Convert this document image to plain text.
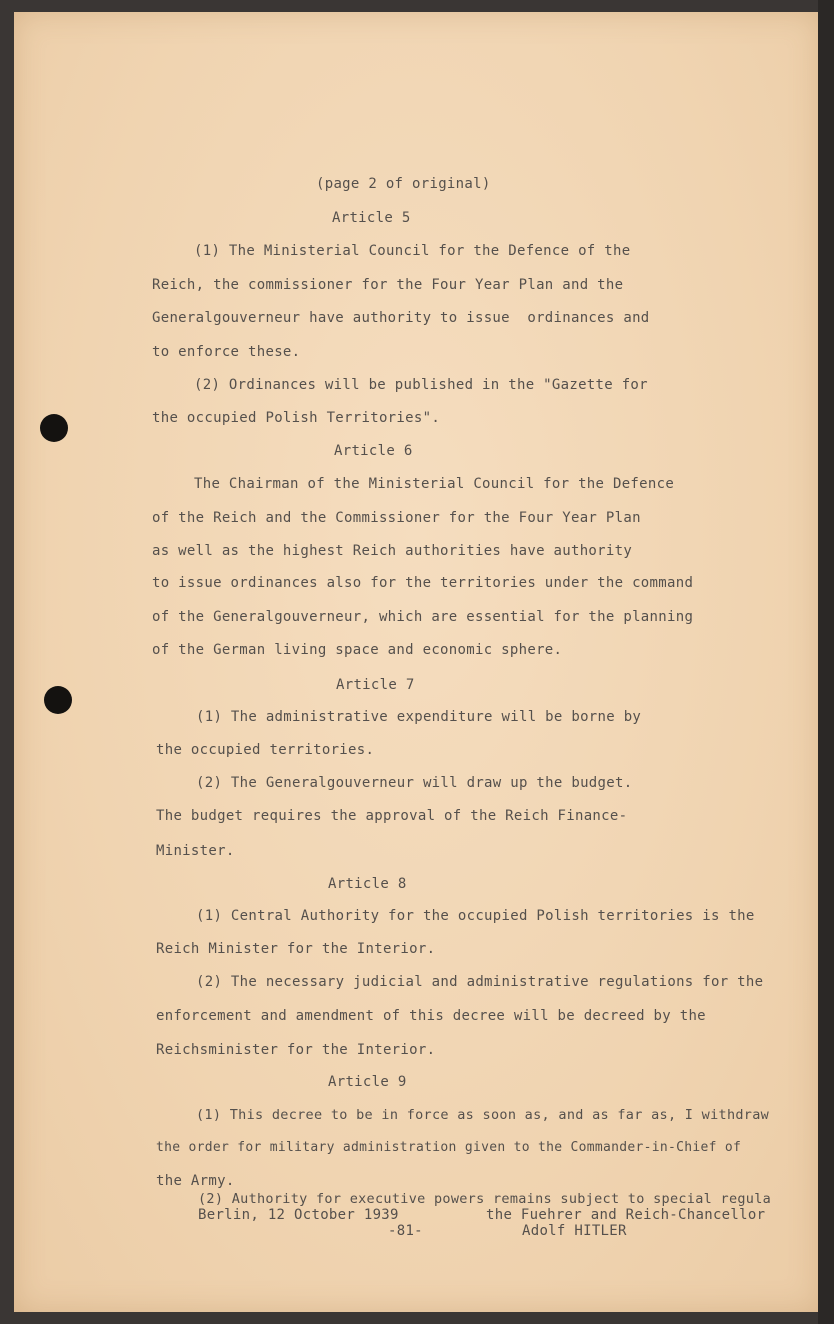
(page 2 of original)
Article 5
(1) The Ministerial Council for the Defence of the
Reich, the commissioner for the Four Year Plan and the
Generalgouverneur have authority to issue  ordinances and
to enforce these.
(2) Ordinances will be published in the "Gazette for
the occupied Polish Territories".
Article 6
The Chairman of the Ministerial Council for the Defence
of the Reich and the Commissioner for the Four Year Plan
as well as the highest Reich authorities have authority
to issue ordinances also for the territories under the command
of the Generalgouverneur, which are essential for the planning
of the German living space and economic sphere.
Article 7
(1) The administrative expenditure will be borne by
the occupied territories.
(2) The Generalgouverneur will draw up the budget.
The budget requires the approval of the Reich Finance-
Minister.
Article 8
(1) Central Authority for the occupied Polish territories is the
Reich Minister for the Interior.
(2) The necessary judicial and administrative regulations for the
enforcement and amendment of this decree will be decreed by the
Reichsminister for the Interior.
Article 9
(1) This decree to be in force as soon as, and as far as, I withdraw
the order for military administration given to the Commander-in-Chief of
the Army.
(2) Authority for executive powers remains subject to special regula
Berlin, 12 October 1939	the Fuehrer and Reich-Chancellor
-81-	Adolf HITLER
